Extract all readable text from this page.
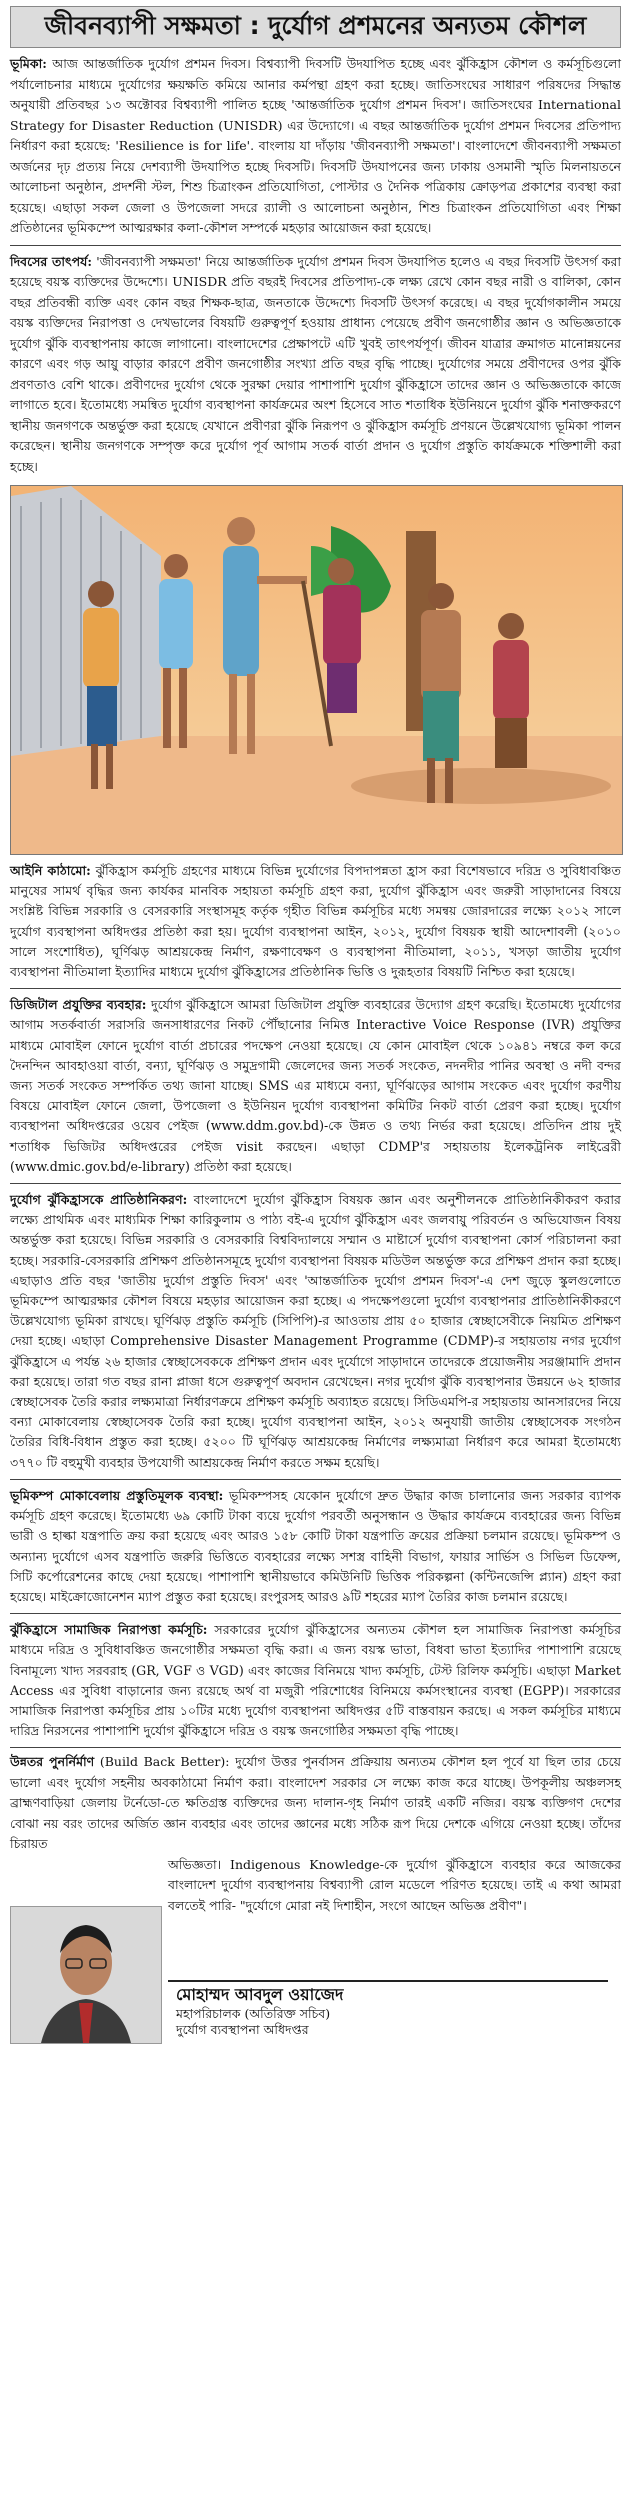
জীবনব্যাপী সক্ষমতা : দুর্যোগ প্রশমনের অন্যতম কৌশল

ভূমিকা: আজ আন্তর্জাতিক দুর্যোগ প্রশমন দিবস। বিশ্বব্যাপী দিবসটি উদযাপিত হচ্ছে এবং ঝুঁকিহ্রাস কৌশল ও কর্মসূচিগুলো পর্যালোচনার মাধ্যমে দুর্যোগের ক্ষয়ক্ষতি কমিয়ে আনার কর্মপন্থা গ্রহণ করা হচ্ছে। জাতিসংঘের সাধারণ পরিষদের সিদ্ধান্ত অনুযায়ী প্রতিবছর ১৩ অক্টোবর বিশ্বব্যাপী পালিত হচ্ছে 'আন্তর্জাতিক দুর্যোগ প্রশমন দিবস'। জাতিসংঘের International Strategy for Disaster Reduction (UNISDR) এর উদ্যোগে। এ বছর আন্তর্জাতিক দুর্যোগ প্রশমন দিবসের প্রতিপাদ্য নির্ধারণ করা হয়েছে: 'Resilience is for life'. বাংলায় যা দাঁড়ায় 'জীবনব্যাপী সক্ষমতা'। বাংলাদেশে জীবনব্যাপী সক্ষমতা অর্জনের দৃঢ় প্রত্যয় নিয়ে দেশব্যাপী উদযাপিত হচ্ছে দিবসটি। দিবসটি উদযাপনের জন্য ঢাকায় ওসমানী স্মৃতি মিলনায়তনে আলোচনা অনুষ্ঠান, প্রদর্শনী স্টল, শিশু চিত্রাংকন প্রতিযোগিতা, পোস্টার ও দৈনিক পত্রিকায় ক্রোড়পত্র প্রকাশের ব্যবস্থা করা হয়েছে। এছাড়া সকল জেলা ও উপজেলা সদরে র‍্যালী ও আলোচনা অনুষ্ঠান, শিশু চিত্রাংকন প্রতিযোগিতা এবং শিক্ষা প্রতিষ্ঠানের ভূমিকম্পে আত্মরক্ষার কলা-কৌশল সম্পর্কে মহড়ার আয়োজন করা হয়েছে।

দিবসের তাৎপর্য: 'জীবনব্যাপী সক্ষমতা' নিয়ে আন্তর্জাতিক দুর্যোগ প্রশমন দিবস উদযাপিত হলেও এ বছর দিবসটি উৎসর্গ করা হয়েছে বয়স্ক ব্যক্তিদের উদ্দেশ্যে। UNISDR প্রতি বছরই দিবসের প্রতিপাদ্য-কে লক্ষ্য রেখে কোন বছর নারী ও বালিকা, কোন বছর প্রতিবন্ধী ব্যক্তি এবং কোন বছর শিক্ষক-ছাত্র, জনতাকে উদ্দেশ্যে দিবসটি উৎসর্গ করেছে। এ বছর দুর্যোগকালীন সময়ে বয়স্ক ব্যক্তিদের নিরাপত্তা ও দেখভালের বিষয়টি গুরুত্বপূর্ণ হওয়ায় প্রাধান্য পেয়েছে প্রবীণ জনগোষ্ঠীর জ্ঞান ও অভিজ্ঞতাকে দুর্যোগ ঝুঁকি ব্যবস্থাপনায় কাজে লাগানো। বাংলাদেশের প্রেক্ষাপটে এটি খুবই তাৎপর্যপূর্ণ। জীবন যাত্রার ক্রমাগত মানোন্নয়নের কারণে এবং গড় আয়ু বাড়ার কারণে প্রবীণ জনগোষ্ঠীর সংখ্যা প্রতি বছর বৃদ্ধি পাচ্ছে। দুর্যোগের সময়ে প্রবীণদের ওপর ঝুঁকি প্রবণতাও বেশি থাকে। প্রবীণদের দুর্যোগ থেকে সুরক্ষা দেয়ার পাশাপাশি দুর্যোগ ঝুঁকিহ্রাসে তাদের জ্ঞান ও অভিজ্ঞতাকে কাজে লাগাতে হবে। ইতোমধ্যে সমন্বিত দুর্যোগ ব্যবস্থাপনা কার্যক্রমের অংশ হিসেবে সাত শতাধিক ইউনিয়নে দুর্যোগ ঝুঁকি শনাক্তকরণে স্থানীয় জনগণকে অন্তর্ভুক্ত করা হয়েছে যেখানে প্রবীণরা ঝুঁকি নিরূপণ ও ঝুঁকিহ্রাস কর্মসূচি প্রণয়নে উল্লেখযোগ্য ভূমিকা পালন করেছেন। স্থানীয় জনগণকে সম্পৃক্ত করে দুর্যোগ পূর্ব আগাম সতর্ক বার্তা প্রদান ও দুর্যোগ প্রস্তুতি কার্যক্রমকে শক্তিশালী করা হচ্ছে।

আইনি কাঠামো: ঝুঁকিহ্রাস কর্মসূচি গ্রহণের মাধ্যমে বিভিন্ন দুর্যোগের বিপদাপন্নতা হ্রাস করা বিশেষভাবে দরিদ্র ও সুবিধাবঞ্চিত মানুষের সামর্থ বৃদ্ধির জন্য কার্যকর মানবিক সহায়তা কর্মসূচি গ্রহণ করা, দুর্যোগ ঝুঁকিহ্রাস এবং জরুরী সাড়াদানের বিষয়ে সংশ্লিষ্ট বিভিন্ন সরকারি ও বেসরকারি সংস্থাসমূহ কর্তৃক গৃহীত বিভিন্ন কর্মসূচির মধ্যে সমন্বয় জোরদারের লক্ষ্যে ২০১২ সালে দুর্যোগ ব্যবস্থাপনা অধিদপ্তর প্রতিষ্ঠা করা হয়। দুর্যোগ ব্যবস্থাপনা আইন, ২০১২, দুর্যোগ বিষয়ক স্থায়ী আদেশাবলী (২০১০ সালে সংশোধিত), ঘূর্ণিঝড় আশ্রয়কেন্দ্র নির্মাণ, রক্ষণাবেক্ষণ ও ব্যবস্থাপনা নীতিমালা, ২০১১, খসড়া জাতীয় দুর্যোগ ব্যবস্থাপনা নীতিমালা ইত্যাদির মাধ্যমে দুর্যোগ ঝুঁকিহ্রাসের প্রতিষ্ঠানিক ভিত্তি ও দুরূহতার বিষয়টি নিশ্চিত করা হয়েছে।

ডিজিটাল প্রযুক্তির ব্যবহার: দুর্যোগ ঝুঁকিহ্রাসে আমরা ডিজিটাল প্রযুক্তি ব্যবহারের উদ্যোগ গ্রহণ করেছি। ইতোমধ্যে দুর্যোগের আগাম সতর্কবার্তা সরাসরি জনসাধারণের নিকট পৌঁছানোর নিমিত্ত Interactive Voice Response (IVR) প্রযুক্তির মাধ্যমে মোবাইল ফোনে দুর্যোগ বার্তা প্রচারের পদক্ষেপ নেওয়া হয়েছে। যে কোন মোবাইল থেকে ১০৯৪১ নম্বরে কল করে দৈনন্দিন আবহাওয়া বার্তা, বন্যা, ঘূর্ণিঝড় ও সমুদ্রগামী জেলেদের জন্য সতর্ক সংকেত, নদনদীর পানির অবস্থা ও নদী বন্দর জন্য সতর্ক সংকেত সম্পর্কিত তথ্য জানা যাচ্ছে। SMS এর মাধ্যমে বন্যা, ঘূর্ণিঝড়ের আগাম সংকেত এবং দুর্যোগ করণীয় বিষয়ে মোবাইল ফোনে জেলা, উপজেলা ও ইউনিয়ন দুর্যোগ ব্যবস্থাপনা কমিটির নিকট বার্তা প্রেরণ করা হচ্ছে। দুর্যোগ ব্যবস্থাপনা অধিদপ্তরের ওয়েব পেইজ (www.ddm.gov.bd)-কে উন্নত ও তথ্য নির্ভর করা হয়েছে। প্রতিদিন প্রায় দুই শতাধিক ভিজিটর অধিদপ্তরের পেইজ visit করছেন। এছাড়া CDMP'র সহায়তায় ইলেকট্রনিক লাইব্রেরী (www.dmic.gov.bd/e-library) প্রতিষ্ঠা করা হয়েছে।

দুর্যোগ ঝুঁকিহ্রাসকে প্রাতিষ্ঠানিকরণ: বাংলাদেশে দুর্যোগ ঝুঁকিহ্রাস বিষয়ক জ্ঞান এবং অনুশীলনকে প্রাতিষ্ঠানিকীকরণ করার লক্ষ্যে প্রাথমিক এবং মাধ্যমিক শিক্ষা কারিকুলাম ও পাঠ্য বই-এ দুর্যোগ ঝুঁকিহ্রাস এবং জলবায়ু পরিবর্তন ও অভিযোজন বিষয় অন্তর্ভুক্ত করা হয়েছে। বিভিন্ন সরকারি ও বেসরকারি বিশ্ববিদ্যালয়ে সম্মান ও মাষ্টার্সে দুর্যোগ ব্যবস্থাপনা কোর্স পরিচালনা করা হচ্ছে। সরকারি-বেসরকারি প্রশিক্ষণ প্রতিষ্ঠানসমূহে দুর্যোগ ব্যবস্থাপনা বিষয়ক মডিউল অন্তর্ভুক্ত করে প্রশিক্ষণ প্রদান করা হচ্ছে। এছাড়াও প্রতি বছর 'জাতীয় দুর্যোগ প্রস্তুতি দিবস' এবং 'আন্তর্জাতিক দুর্যোগ প্রশমন দিবস'-এ দেশ জুড়ে স্কুলগুলোতে ভূমিকম্পে আত্মরক্ষার কৌশল বিষয়ে মহড়ার আয়োজন করা হচ্ছে। এ পদক্ষেপগুলো দুর্যোগ ব্যবস্থাপনার প্রাতিষ্ঠানিকীকরণে উল্লেখযোগ্য ভূমিকা রাখছে। ঘূর্ণিঝড় প্রস্তুতি কর্মসূচি (সিপিপি)-র আওতায় প্রায় ৫০ হাজার স্বেচ্ছাসেবীকে নিয়মিত প্রশিক্ষণ দেয়া হচ্ছে। এছাড়া Comprehensive Disaster Management Programme (CDMP)-র সহায়তায় নগর দুর্যোগ ঝুঁকিহ্রাসে এ পর্যন্ত ২৬ হাজার স্বেচ্ছাসেবককে প্রশিক্ষণ প্রদান এবং দুর্যোগে সাড়াদানে তাদেরকে প্রয়োজনীয় সরঞ্জামাদি প্রদান করা হয়েছে। তারা গত বছর রানা প্লাজা ধসে গুরুত্বপূর্ণ অবদান রেখেছেন। নগর দুর্যোগ ঝুঁকি ব্যবস্থাপনার উন্নয়নে ৬২ হাজার স্বেচ্ছাসেবক তৈরি করার লক্ষ্যমাত্রা নির্ধারণক্রমে প্রশিক্ষণ কর্মসূচি অব্যাহত রয়েছে। সিডিএমপি-র সহায়তায় আনসারদের নিয়ে বন্যা মোকাবেলায় স্বেচ্ছাসেবক তৈরি করা হচ্ছে। দুর্যোগ ব্যবস্থাপনা আইন, ২০১২ অনুযায়ী জাতীয় স্বেচ্ছাসেবক সংগঠন তৈরির বিধি-বিধান প্রস্তুত করা হচ্ছে। ৫২০০ টি ঘূর্ণিঝড় আশ্রয়কেন্দ্র নির্মাণের লক্ষ্যমাত্রা নির্ধারণ করে আমরা ইতোমধ্যে ৩৭৭০ টি বহুমুখী ব্যবহার উপযোগী আশ্রয়কেন্দ্র নির্মাণ করতে সক্ষম হয়েছি।

ভূমিকম্প মোকাবেলায় প্রস্তুতিমূলক ব্যবস্থা: ভূমিকম্পসহ যেকোন দুর্যোগে দ্রুত উদ্ধার কাজ চালানোর জন্য সরকার ব্যাপক কর্মসূচি গ্রহণ করেছে। ইতোমধ্যে ৬৯ কোটি টাকা ব্যয়ে দুর্যোগ পরবর্তী অনুসন্ধান ও উদ্ধার কার্যক্রমে ব্যবহারের জন্য বিভিন্ন ভারী ও হাল্কা যন্ত্রপাতি ক্রয় করা হয়েছে এবং আরও ১৫৮ কোটি টাকা যন্ত্রপাতি ক্রয়ের প্রক্রিয়া চলমান রয়েছে। ভূমিকম্প ও অন্যান্য দুর্যোগে এসব যন্ত্রপাতি জরুরি ভিত্তিতে ব্যবহারের লক্ষ্যে সশস্ত্র বাহিনী বিভাগ, ফায়ার সার্ভিস ও সিভিল ডিফেন্স, সিটি কর্পোরেশনের কাছে দেয়া হয়েছে। পাশাপাশি স্থানীয়ভাবে কমিউনিটি ভিত্তিক পরিকল্পনা (কন্টিনজেন্সি প্ল্যান) গ্রহণ করা হয়েছে। মাইক্রোজোনেশন ম্যাপ প্রস্তুত করা হয়েছে। রংপুরসহ আরও ৯টি শহরের ম্যাপ তৈরির কাজ চলমান রয়েছে।

ঝুঁকিহ্রাসে সামাজিক নিরাপত্তা কর্মসূচি: সরকারের দুর্যোগ ঝুঁকিহ্রাসের অন্যতম কৌশল হল সামাজিক নিরাপত্তা কর্মসূচির মাধ্যমে দরিদ্র ও সুবিধাবঞ্চিত জনগোষ্ঠীর সক্ষমতা বৃদ্ধি করা। এ জন্য বয়স্ক ভাতা, বিধবা ভাতা ইত্যাদির পাশাপাশি রয়েছে বিনামূল্যে খাদ্য সরবরাহ (GR, VGF ও VGD) এবং কাজের বিনিময়ে খাদ্য কর্মসূচি, টেস্ট রিলিফ কর্মসূচি। এছাড়া Market Access এর সুবিধা বাড়ানোর জন্য রয়েছে অর্থ বা মজুরী পরিশোধের বিনিময়ে কর্মসংস্থানের ব্যবস্থা (EGPP)। সরকারের সামাজিক নিরাপত্তা কর্মসূচির প্রায় ১০টির মধ্যে দুর্যোগ ব্যবস্থাপনা অধিদপ্তর ৫টি বাস্তবায়ন করছে। এ সকল কর্মসূচির মাধ্যমে দারিদ্র নিরসনের পাশাপাশি দুর্যোগ ঝুঁকিহ্রাসে দরিদ্র ও বয়স্ক জনগোষ্ঠির সক্ষমতা বৃদ্ধি পাচ্ছে।

উন্নতর পুনর্নির্মাণ (Build Back Better): দুর্যোগ উত্তর পুনর্বাসন প্রক্রিয়ায় অন্যতম কৌশল হল পূর্বে যা ছিল তার চেয়ে ভালো এবং দুর্যোগ সহনীয় অবকাঠামো নির্মাণ করা। বাংলাদেশ সরকার সে লক্ষ্যে কাজ করে যাচ্ছে। উপকূলীয় অঞ্চলসহ ব্রাহ্মণবাড়িয়া জেলায় টর্নেডো-তে ক্ষতিগ্রস্ত ব্যক্তিদের জন্য দালান-গৃহ নির্মাণ তারই একটি নজির। বয়স্ক ব্যক্তিগণ দেশের বোঝা নয় বরং তাদের অর্জিত জ্ঞান ব্যবহার এবং তাদের জ্ঞানের মধ্যে সঠিক রূপ দিয়ে দেশকে এগিয়ে নেওয়া হচ্ছে। তাঁদের চিরায়ত
অভিজ্ঞতা। Indigenous Knowledge-কে দুর্যোগ ঝুঁকিহ্রাসে ব্যবহার করে আজকের বাংলাদেশ দুর্যোগ ব্যবস্থাপনায় বিশ্বব্যাপী রোল মডেলে পরিণত হয়েছে। তাই এ কথা আমরা বলতেই পারি- "দুর্যোগে মোরা নই দিশাহীন, সংগে আছেন অভিজ্ঞ প্রবীণ"।
মোহাম্মদ আবদুল ওয়াজেদ
মহাপরিচালক (অতিরিক্ত সচিব)
দুর্যোগ ব্যবস্থাপনা অধিদপ্তর
